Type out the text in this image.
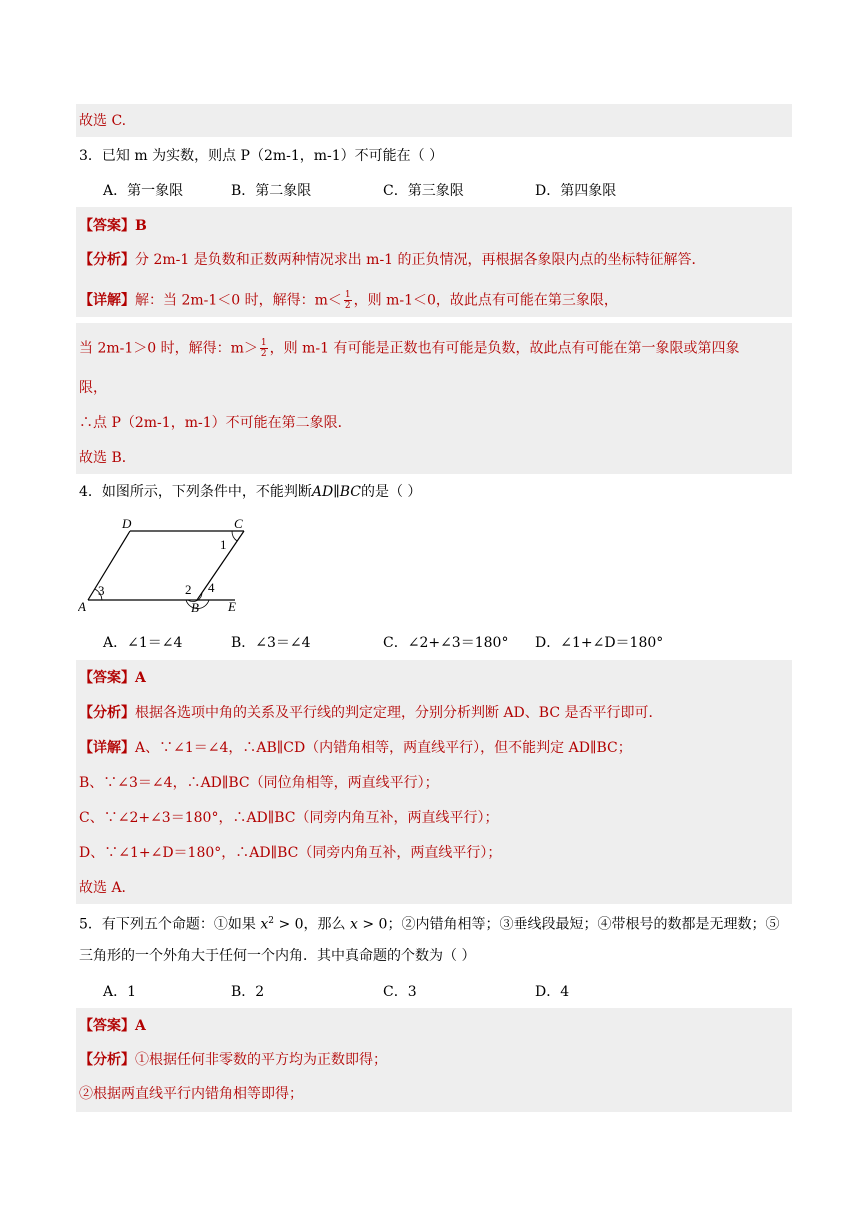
故选 C.
3．已知 m 为实数，则点 P（2m-1，m-1）不可能在（ ）
A．第一象限	B．第二象限	C．第三象限	D．第四象限
【答案】B
【分析】分 2m-1 是负数和正数两种情况求出 m-1 的正负情况，再根据各象限内点的坐标特征解答．
【详解】解：当 2m-1＜0 时，解得：$m< \frac{1}{2}$ ，则 m-1＜0，故此点有可能在第三象限，
当 2m-1＞0 时，解得：$m> \frac{1}{2}$ ，则 m-1 有可能是正数也有可能是负数，故此点有可能在第一象限或第四象
限，
∴点 P（2m-1，m-1）不可能在第二象限．
故选 B．
4．如图所示，下列条件中，不能判断AD∥BC的是（ ）
D	C
A	B E
1
2
3	4
A．∠1＝∠4	B．∠3＝∠4	C．∠2+∠3＝180° D．∠1+∠D＝180°
【答案】A
【分析】根据各选项中角的关系及平行线的判定定理，分别分析判断 AD、BC 是否平行即可．
【详解】A、∵∠1＝∠4，∴AB∥CD（内错角相等，两直线平行），但不能判定 AD∥BC；
B、∵∠3＝∠4，∴AD∥BC（同位角相等，两直线平行）；
C、∵∠2+∠3＝180°，∴AD∥BC（同旁内角互补，两直线平行）；
D、∵∠1+∠D＝180°，∴AD∥BC（同旁内角互补，两直线平行）；
故选 A．
5．有下列五个命题：①如果 $x^2 > 0$，那么 x > 0；②内错角相等；③垂线段最短；④带根号的数都是无理数；⑤
三角形的一个外角大于任何一个内角．其中真命题的个数为（ ）
A．1	B．2	C．3	D．4
【答案】A
【分析】①根据任何非零数的平方均为正数即得；
②根据两直线平行内错角相等即得；
